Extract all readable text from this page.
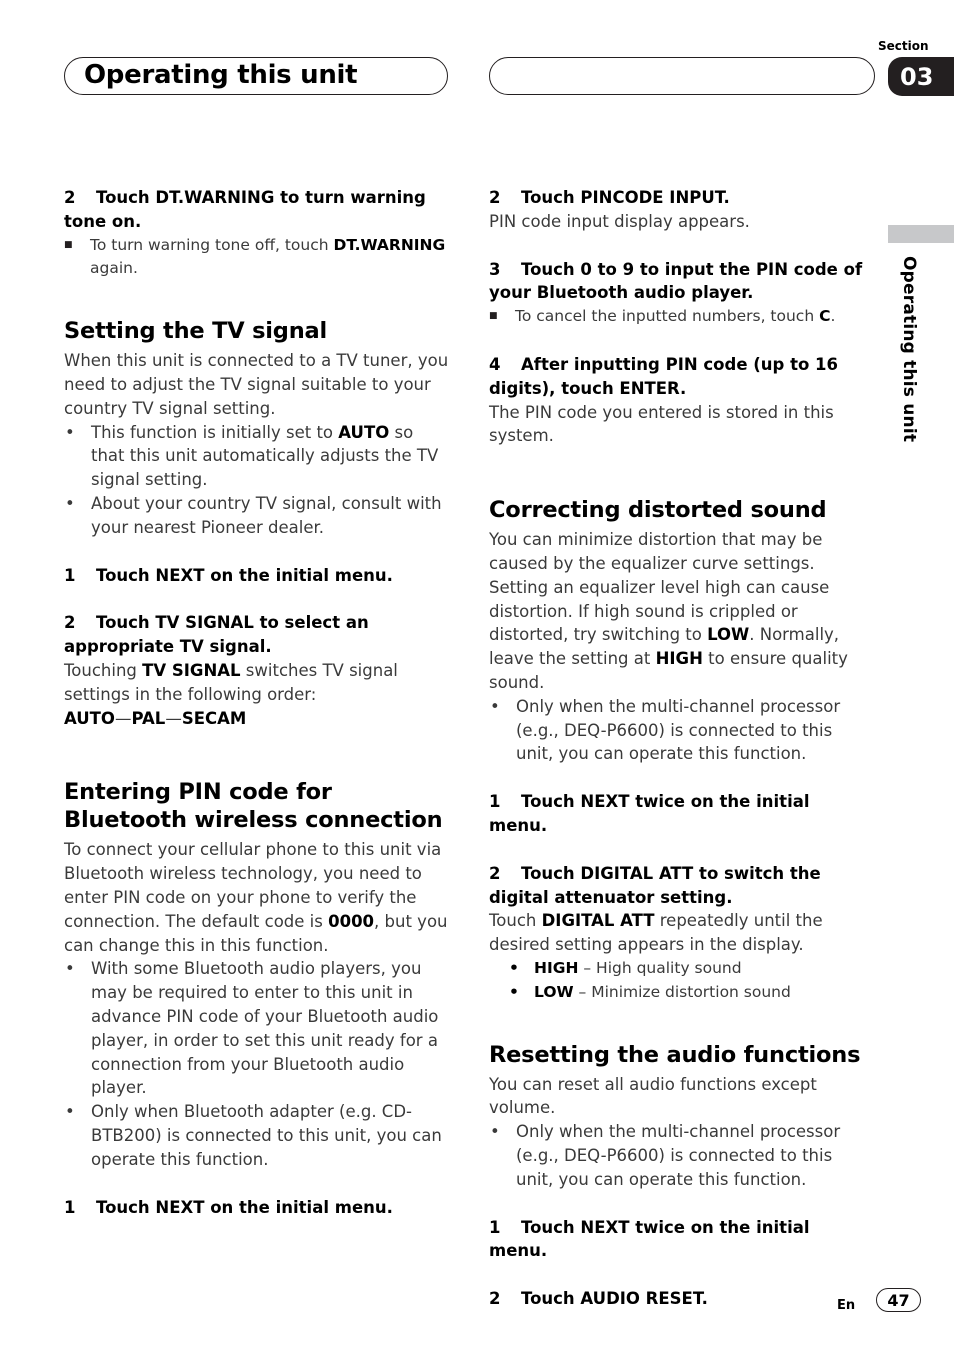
Operating this unit
Section
03
Operating this unit

2 Touch DT.WARNING to turn warning tone on.

■	To turn warning tone off, touch DT.WARNING again.

Setting the TV signal

When this unit is connected to a TV tuner, you need to adjust the TV signal suitable to your country TV signal setting.

• This function is initially set to AUTO so that this unit automatically adjusts the TV signal setting.
• About your country TV signal, consult with your nearest Pioneer dealer.

1 Touch NEXT on the initial menu.

2 Touch TV SIGNAL to select an appropriate TV signal.

Touching TV SIGNAL switches TV signal settings in the following order:

AUTO—PAL—SECAM

Entering PIN code for Bluetooth wireless connection

To connect your cellular phone to this unit via Bluetooth wireless technology, you need to enter PIN code on your phone to verify the connection. The default code is 0000, but you can change this in this function.

• With some Bluetooth audio players, you may be required to enter to this unit in advance PIN code of your Bluetooth audio player, in order to set this unit ready for a connection from your Bluetooth audio player.
• Only when Bluetooth adapter (e.g. CD-BTB200) is connected to this unit, you can operate this function.

1 Touch NEXT on the initial menu.

2 Touch PINCODE INPUT.

PIN code input display appears.

3 Touch 0 to 9 to input the PIN code of your Bluetooth audio player.

■	To cancel the inputted numbers, touch C.

4 After inputting PIN code (up to 16 digits), touch ENTER.

The PIN code you entered is stored in this system.

Correcting distorted sound

You can minimize distortion that may be caused by the equalizer curve settings. Setting an equalizer level high can cause distortion. If high sound is crippled or distorted, try switching to LOW. Normally, leave the setting at HIGH to ensure quality sound.

• Only when the multi-channel processor (e.g., DEQ-P6600) is connected to this unit, you can operate this function.

1 Touch NEXT twice on the initial menu.

2 Touch DIGITAL ATT to switch the digital attenuator setting.

Touch DIGITAL ATT repeatedly until the desired setting appears in the display.

• HIGH – High quality sound
• LOW – Minimize distortion sound
Resetting the audio functions

You can reset all audio functions except volume.

• Only when the multi-channel processor (e.g., DEQ-P6600) is connected to this unit, you can operate this function.

1 Touch NEXT twice on the initial menu.

2 Touch AUDIO RESET.	En 47
